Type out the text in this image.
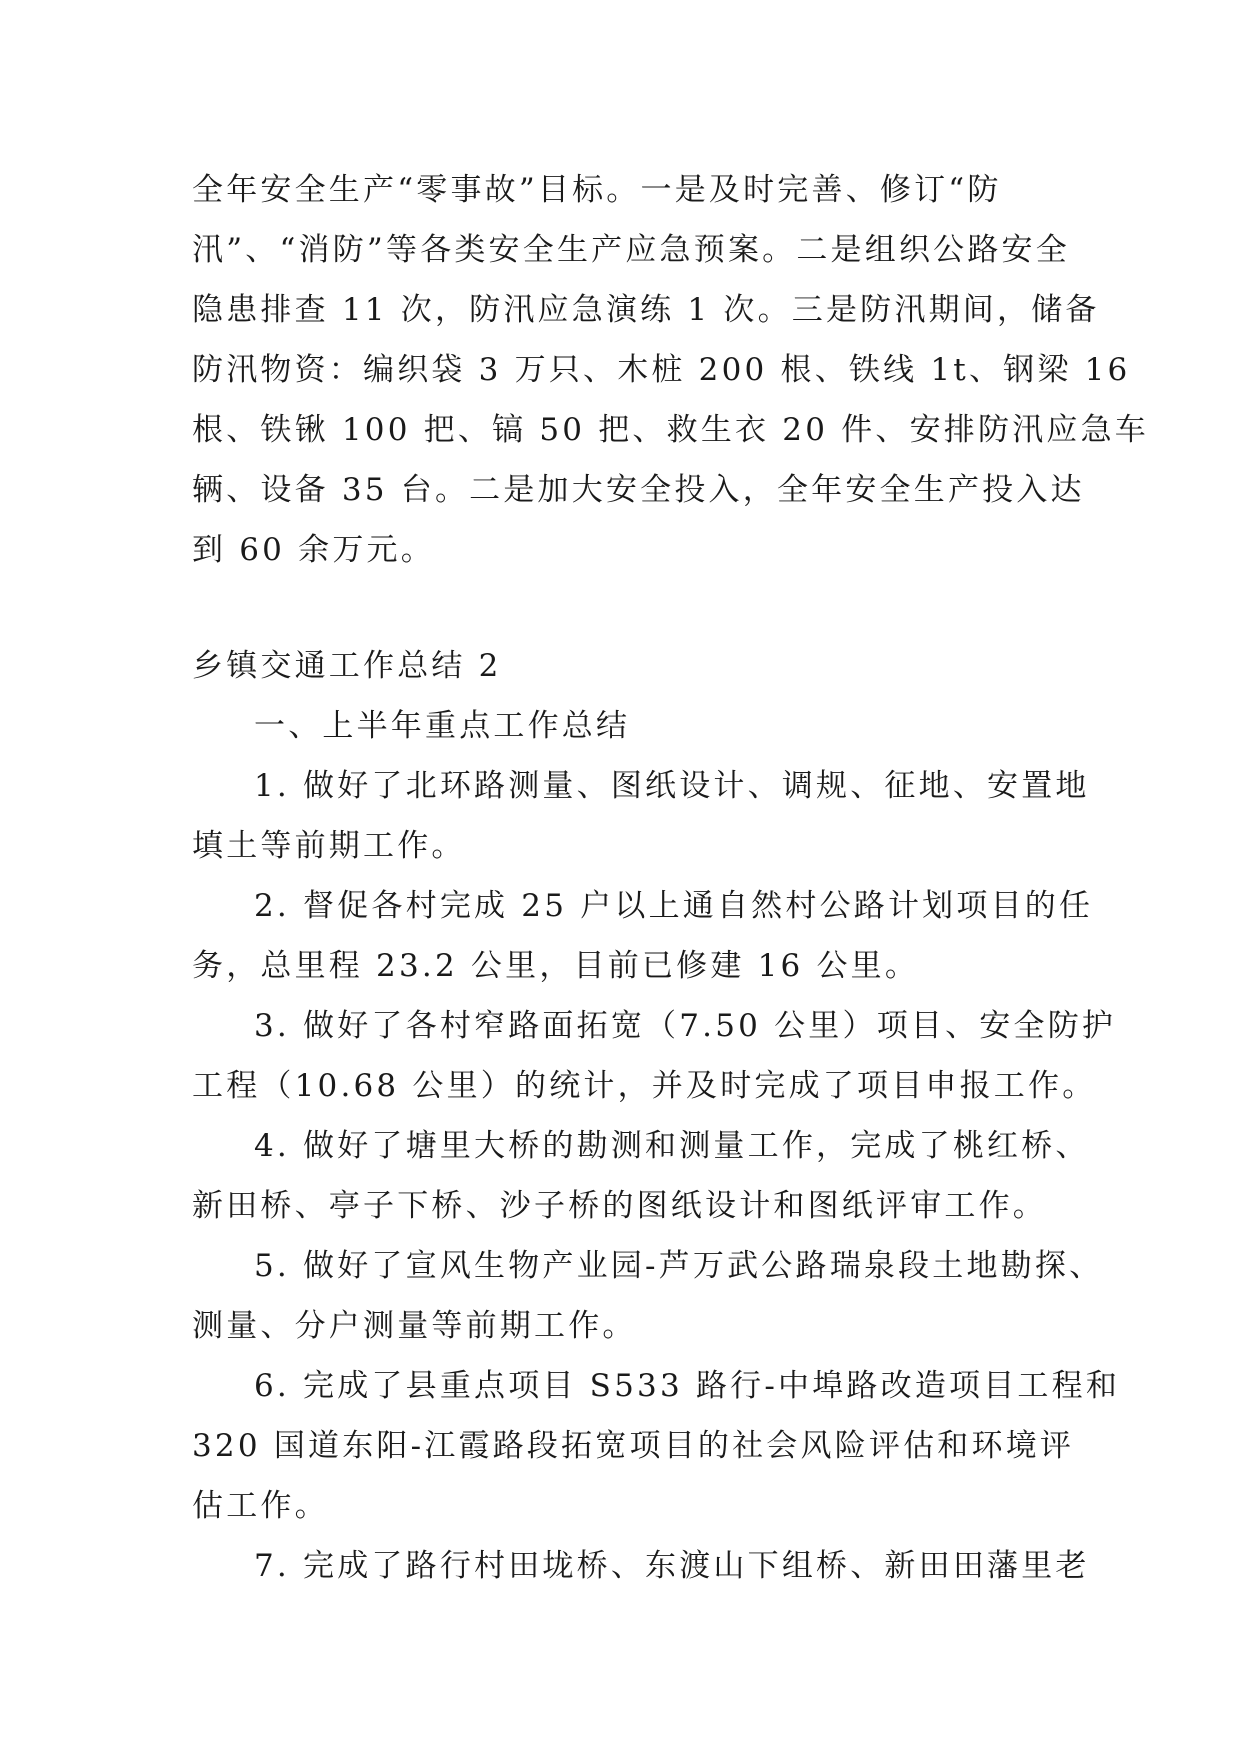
全年安全生产“零事故”目标。一是及时完善、修订“防
汛”、“消防”等各类安全生产应急预案。二是组织公路安全
隐患排查 11 次，防汛应急演练 1 次。三是防汛期间，储备
防汛物资：编织袋 3 万只、木桩 200 根、铁线 1t、钢梁 16
根、铁锹 100 把、镐 50 把、救生衣 20 件、安排防汛应急车
辆、设备 35 台。二是加大安全投入，全年安全生产投入达
到 60 余万元。
乡镇交通工作总结 2
一、上半年重点工作总结
1. 做好了北环路测量、图纸设计、调规、征地、安置地
填土等前期工作。
2. 督促各村完成 25 户以上通自然村公路计划项目的任
务，总里程 23.2 公里，目前已修建 16 公里。
3. 做好了各村窄路面拓宽（7.50 公里）项目、安全防护
工程（10.68 公里）的统计，并及时完成了项目申报工作。
4. 做好了塘里大桥的勘测和测量工作，完成了桃红桥、
新田桥、亭子下桥、沙子桥的图纸设计和图纸评审工作。
5. 做好了宣风生物产业园-芦万武公路瑞泉段土地勘探、
测量、分户测量等前期工作。
6. 完成了县重点项目 S533 路行-中埠路改造项目工程和
320 国道东阳-江霞路段拓宽项目的社会风险评估和环境评
估工作。
7. 完成了路行村田垅桥、东渡山下组桥、新田田藩里老
